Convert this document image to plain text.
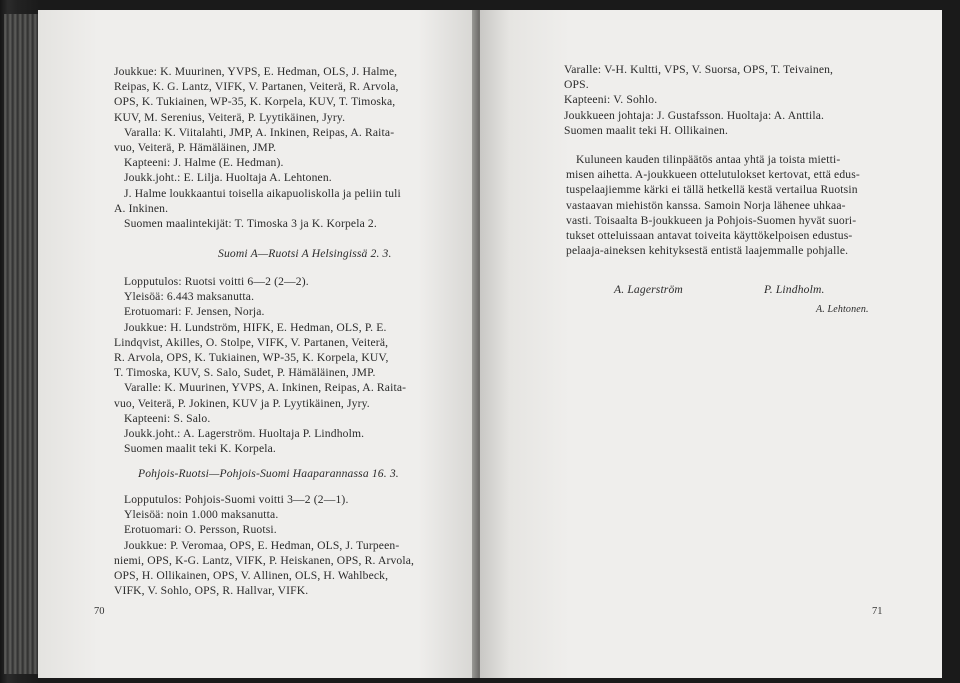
Joukkue: K. Muurinen, YVPS, E. Hedman, OLS, J. Halme,
Reipas, K. G. Lantz, VIFK, V. Partanen, Veiterä, R. Arvola,
OPS, K. Tukiainen, WP-35, K. Korpela, KUV, T. Timoska,
KUV, M. Serenius, Veiterä, P. Lyytikäinen, Jyry.
Varalla: K. Viitalahti, JMP, A. Inkinen, Reipas, A. Raita-
vuo, Veiterä, P. Hämäläinen, JMP.
Kapteeni: J. Halme (E. Hedman).
Joukk.joht.: E. Lilja. Huoltaja A. Lehtonen.
J. Halme loukkaantui toisella aikapuoliskolla ja peliin tuli
A. Inkinen.
Suomen maalintekijät: T. Timoska 3 ja K. Korpela 2.
Suomi A—Ruotsi A Helsingissä 2. 3.
Lopputulos: Ruotsi voitti 6—2 (2—2).
Yleisöä: 6.443 maksanutta.
Erotuomari: F. Jensen, Norja.
Joukkue: H. Lundström, HIFK, E. Hedman, OLS, P. E.
Lindqvist, Akilles, O. Stolpe, VIFK, V. Partanen, Veiterä,
R. Arvola, OPS, K. Tukiainen, WP-35, K. Korpela, KUV,
T. Timoska, KUV, S. Salo, Sudet, P. Hämäläinen, JMP.
Varalle: K. Muurinen, YVPS, A. Inkinen, Reipas, A. Raita-
vuo, Veiterä, P. Jokinen, KUV ja P. Lyytikäinen, Jyry.
Kapteeni: S. Salo.
Joukk.joht.: A. Lagerström. Huoltaja P. Lindholm.
Suomen maalit teki K. Korpela.
Pohjois-Ruotsi—Pohjois-Suomi Haaparannassa 16. 3.
Lopputulos: Pohjois-Suomi voitti 3—2 (2—1).
Yleisöä: noin 1.000 maksanutta.
Erotuomari: O. Persson, Ruotsi.
Joukkue: P. Veromaa, OPS, E. Hedman, OLS, J. Turpeen-
niemi, OPS, K-G. Lantz, VIFK, P. Heiskanen, OPS, R. Arvola,
OPS, H. Ollikainen, OPS, V. Allinen, OLS, H. Wahlbeck,
VIFK, V. Sohlo, OPS, R. Hallvar, VIFK.
70
Varalle: V-H. Kultti, VPS, V. Suorsa, OPS, T. Teivainen,
OPS.
Kapteeni: V. Sohlo.
Joukkueen johtaja: J. Gustafsson. Huoltaja: A. Anttila.
Suomen maalit teki H. Ollikainen.
Kuluneen kauden tilinpäätös antaa yhtä ja toista mietti-
misen aihetta. A-joukkueen ottelutulokset kertovat, että edus-
tuspelaajiemme kärki ei tällä hetkellä kestä vertailua Ruotsin
vastaavan miehistön kanssa. Samoin Norja lähenee uhkaa-
vasti. Toisaalta B-joukkueen ja Pohjois-Suomen hyvät suori-
tukset otteluissaan antavat toiveita käyttökelpoisen edustus-
pelaaja-aineksen kehityksestä entistä laajemmalle pohjalle.
A. Lagerström	P. Lindholm.
A. Lehtonen.
71
